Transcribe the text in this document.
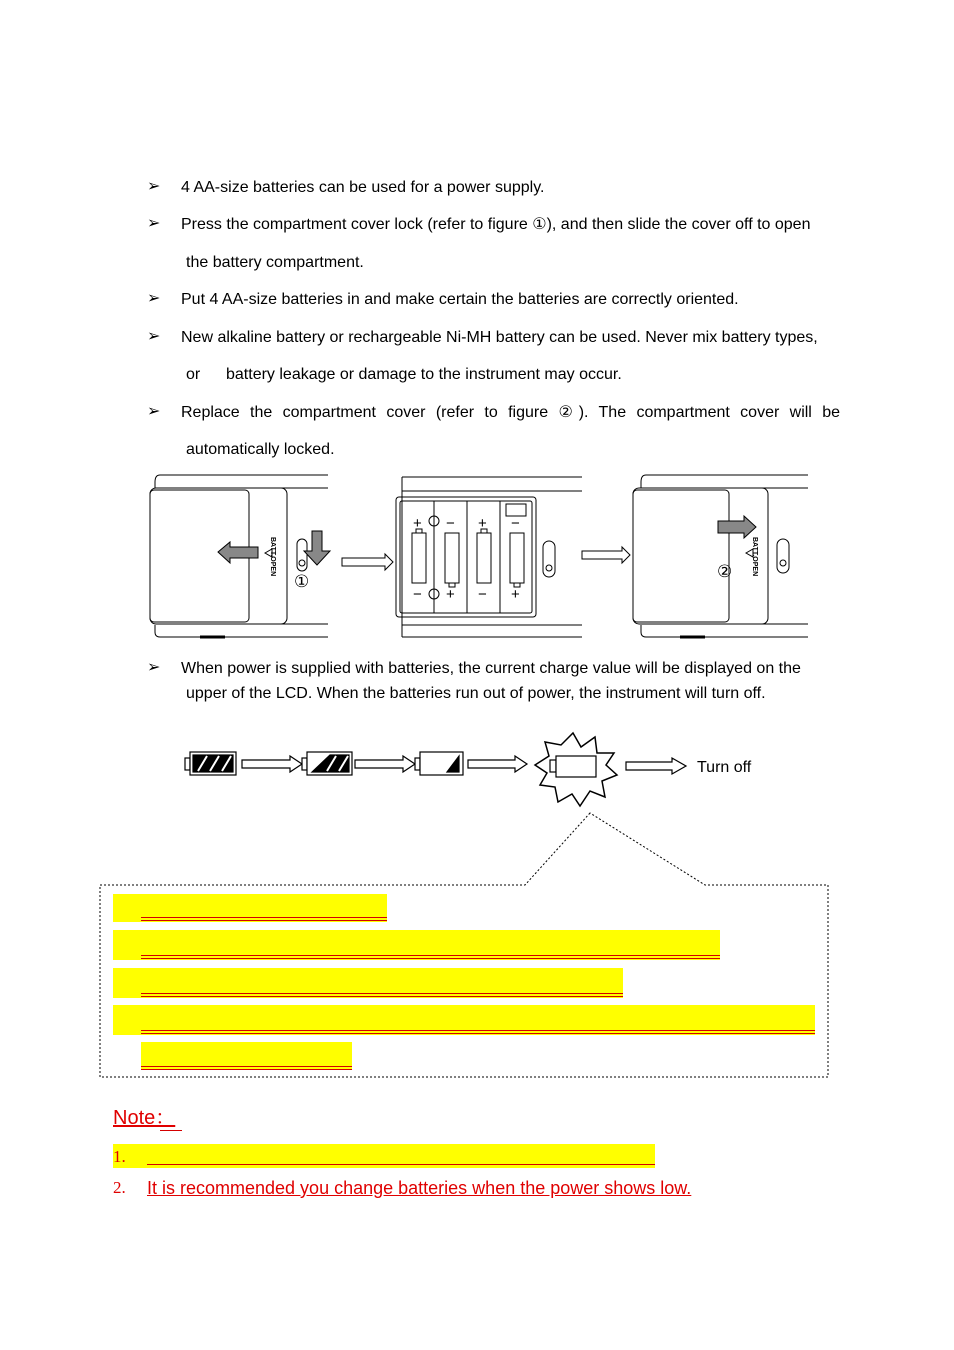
➢ 4 AA-size batteries can be used for a power supply.
➢ Press the compartment cover lock (refer to figure ①), and then slide the cover off to open
the battery compartment.
➢ Put 4 AA-size batteries in and make certain the batteries are correctly oriented.
➢ New alkaline battery or rechargeable Ni-MH battery can be used. Never mix battery types,
or battery leakage or damage to the instrument may occur.
➢ Replace the compartment cover (refer to figure ②). The compartment cover will be
automatically locked.
BATT.OPEN	BATT.OPEN
①
②
+ − + −
− + − +
➢ When power is supplied with batteries, the current charge value will be displayed on the
upper of the LCD. When the batteries run out of power, the instrument will turn off.
Turn off
Note：
1.
2. It is recommended you change batteries when the power shows low.
